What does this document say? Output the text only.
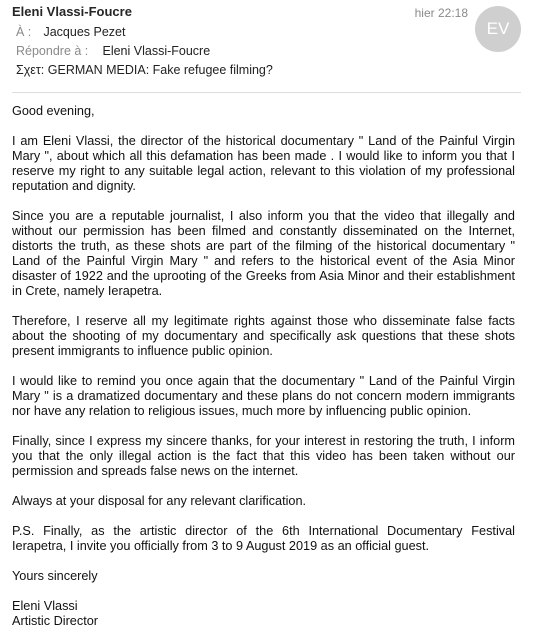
Eleni Vlassi-Foucre	hier 22:18
EV
À : Jacques Pezet
Répondre à : Eleni Vlassi-Foucre
Σχετ: GERMAN MEDIA: Fake refugee filming?

Good evening,

I am Eleni Vlassi, the director of the historical documentary " Land of the Painful Virgin Mary ", about which all this defamation has been made . I would like to inform you that I reserve my right to any suitable legal action, relevant to this violation of my professional reputation and dignity.

Since you are a reputable journalist, I also inform you that the video that illegally and without our permission has been filmed and constantly disseminated on the Internet, distorts the truth, as these shots are part of the filming of the historical documentary " Land of the Painful Virgin Mary " and refers to the historical event of the Asia Minor disaster of 1922 and the uprooting of the Greeks from Asia Minor and their establishment in Crete, namely Ierapetra.

Therefore, I reserve all my legitimate rights against those who disseminate false facts about the shooting of my documentary and specifically ask questions that these shots present immigrants to influence public opinion.

I would like to remind you once again that the documentary " Land of the Painful Virgin Mary " is a dramatized documentary and these plans do not concern modern immigrants nor have any relation to religious issues, much more by influencing public opinion.

Finally, since I express my sincere thanks, for your interest in restoring the truth, I inform you that the only illegal action is the fact that this video has been taken without our permission and spreads false news on the internet.

Always at your disposal for any relevant clarification.

P.S. Finally, as the artistic director of the 6th International Documentary Festival Ierapetra, I invite you officially from 3 to 9 August 2019 as an official guest.

Yours sincerely

Eleni Vlassi
Artistic Director
